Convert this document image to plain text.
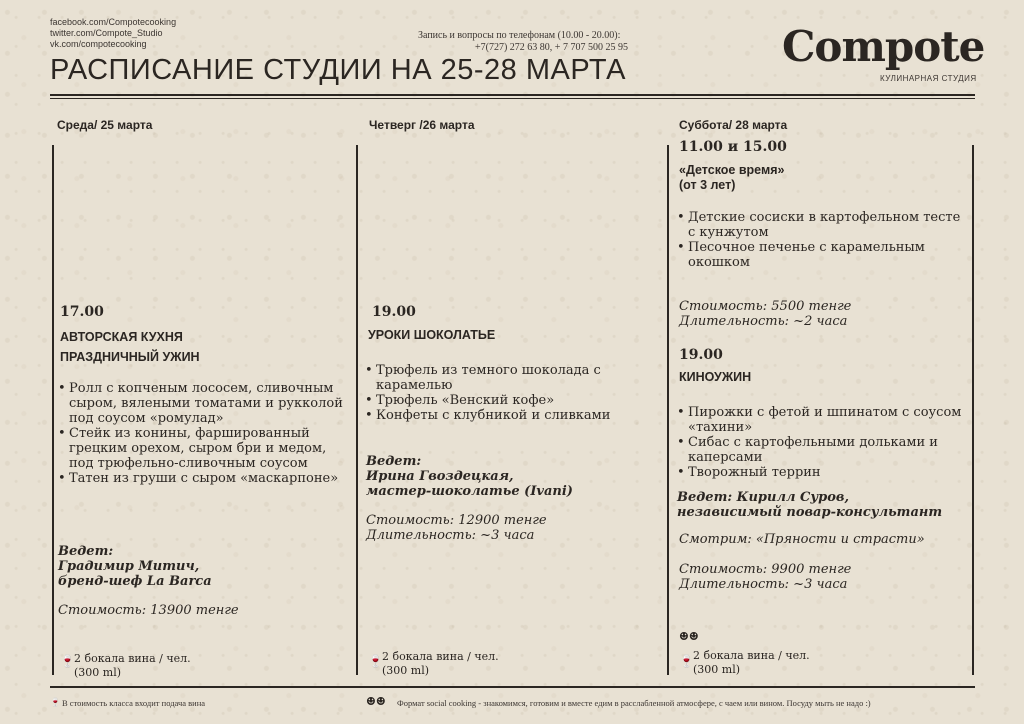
facebook.com/Compotecooking
twitter.com/Compote_Studio
vk.com/compotecooking
Запись и вопросы по телефонам (10.00 - 20.00):
+7(727) 272 63 80, + 7 707 500 25 95
РАСПИСАНИЕ СТУДИИ НА 25-28 МАРТА	Compote
КУЛИНАРНАЯ СТУДИЯ
Среда/ 25 марта
17.00
АВТОРСКАЯ КУХНЯ
ПРАЗДНИЧНЫЙ УЖИН
• Ролл с копченым лососем, сливочным сыром, вялеными томатами и рукколой под соусом «ромулад»
• Стейк из конины, фаршированный грецким орехом, сыром бри и медом, под трюфельно-сливочным соусом
• Татен из груши с сыром «маскарпоне»
Ведет:
Градимир Митич,
бренд-шеф La Barca
Стоимость: 13900 тенге
🍷 2 бокала вина / чел.
(300 ml)
Четверг /26 марта
19.00
УРОКИ ШОКОЛАТЬЕ
• Трюфель из темного шоколада с карамелью
• Трюфель «Венский кофе»
• Конфеты с клубникой и сливками
Ведет:
Ирина Гвоздецкая,
мастер-шоколатье (Ivani)
Стоимость: 12900 тенге
Длительность: ~3 часа
🍷 2 бокала вина / чел.
(300 ml)
Суббота/ 28 марта
11.00 и 15.00
«Детское время»
(от 3 лет)
• Детские сосиски в картофельном тесте с кунжутом
• Песочное печенье с карамельным окошком
Стоимость: 5500 тенге
Длительность: ~2 часа
19.00
КИНОУЖИН
• Пирожки с фетой и шпинатом с соусом «тахини»
• Сибас с картофельными дольками и каперсами
• Творожный террин
Ведет: Кирилл Суров,
независимый повар-консультант
Смотрим: «Пряности и страсти»
Стоимость: 9900 тенге
Длительность: ~3 часа
☻☻
🍷 2 бокала вина / чел.
(300 ml)
🍷 В стоимость класса входит подача вина	☻☻ Формат social cooking - знакомимся, готовим и вместе едим в расслабленной атмосфере, с чаем или вином. Посуду мыть не надо :)
